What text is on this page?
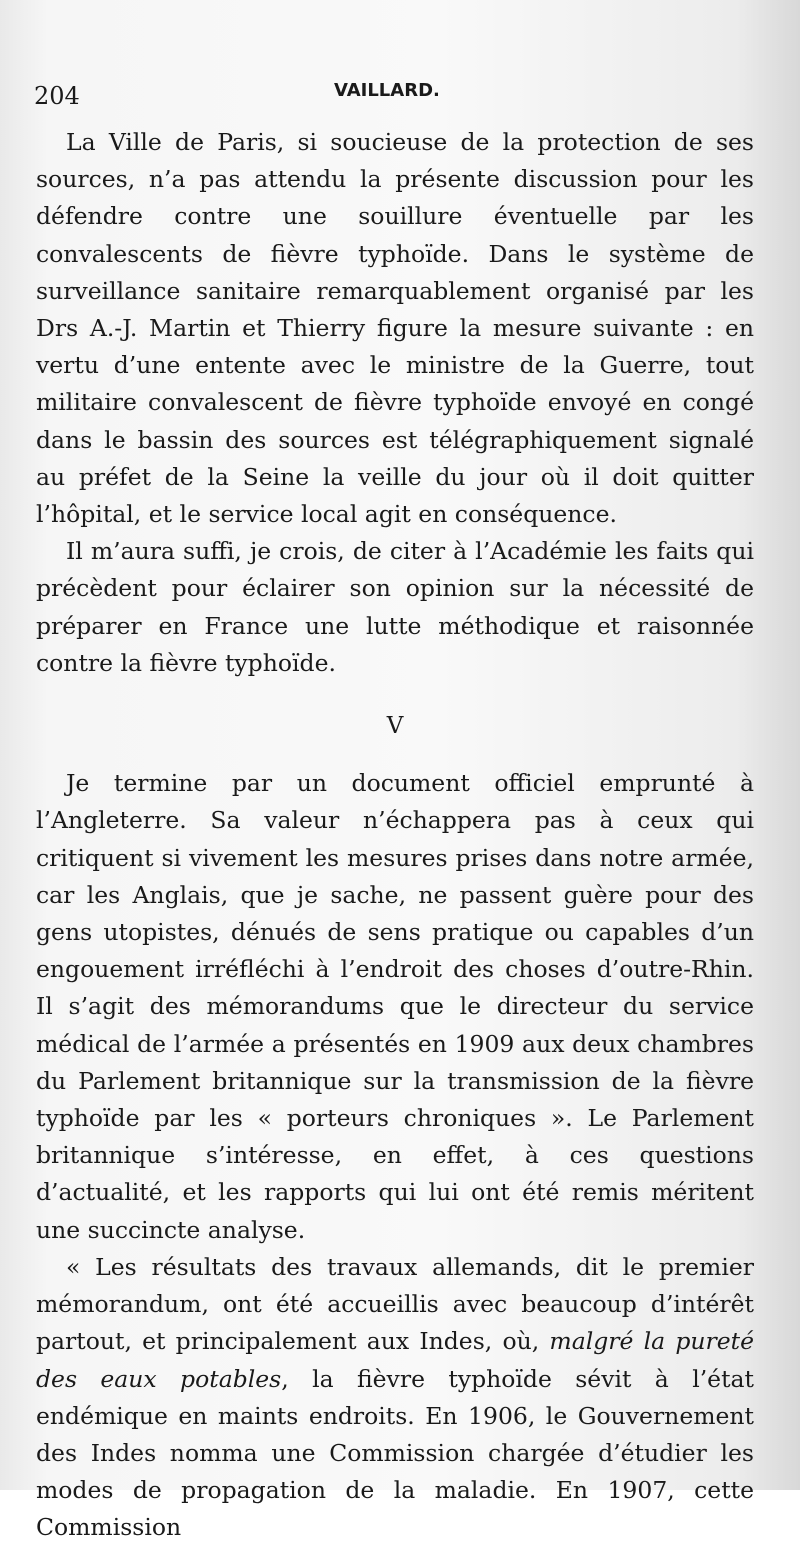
204	VAILLARD.

La Ville de Paris, si soucieuse de la protection de ses sources, n’a pas attendu la présente discussion pour les défendre contre une souillure éventuelle par les convalescents de fièvre typhoïde. Dans le système de surveillance sanitaire remarquablement organisé par les Drs A.-J. Martin et Thierry figure la mesure suivante : en vertu d’une entente avec le ministre de la Guerre, tout militaire convalescent de fièvre typhoïde envoyé en congé dans le bassin des sources est télégraphiquement signalé au préfet de la Seine la veille du jour où il doit quitter l’hôpital, et le service local agit en conséquence.

Il m’aura suffi, je crois, de citer à l’Académie les faits qui précèdent pour éclairer son opinion sur la nécessité de préparer en France une lutte méthodique et raisonnée contre la fièvre typhoïde.

V

Je termine par un document officiel emprunté à l’Angleterre. Sa valeur n’échappera pas à ceux qui critiquent si vivement les mesures prises dans notre armée, car les Anglais, que je sache, ne passent guère pour des gens utopistes, dénués de sens pratique ou capables d’un engouement irréfléchi à l’endroit des choses d’outre-Rhin. Il s’agit des mémorandums que le directeur du service médical de l’armée a présentés en 1909 aux deux chambres du Parlement britannique sur la transmission de la fièvre typhoïde par les « porteurs chroniques ». Le Parlement britannique s’intéresse, en effet, à ces questions d’actualité, et les rapports qui lui ont été remis méritent une succincte analyse.

« Les résultats des travaux allemands, dit le premier mémorandum, ont été accueillis avec beaucoup d’intérêt partout, et principalement aux Indes, où, malgré la pureté des eaux potables, la fièvre typhoïde sévit à l’état endémique en maints endroits. En 1906, le Gouvernement des Indes nomma une Commission chargée d’étudier les modes de propagation de la maladie. En 1907, cette Commission
